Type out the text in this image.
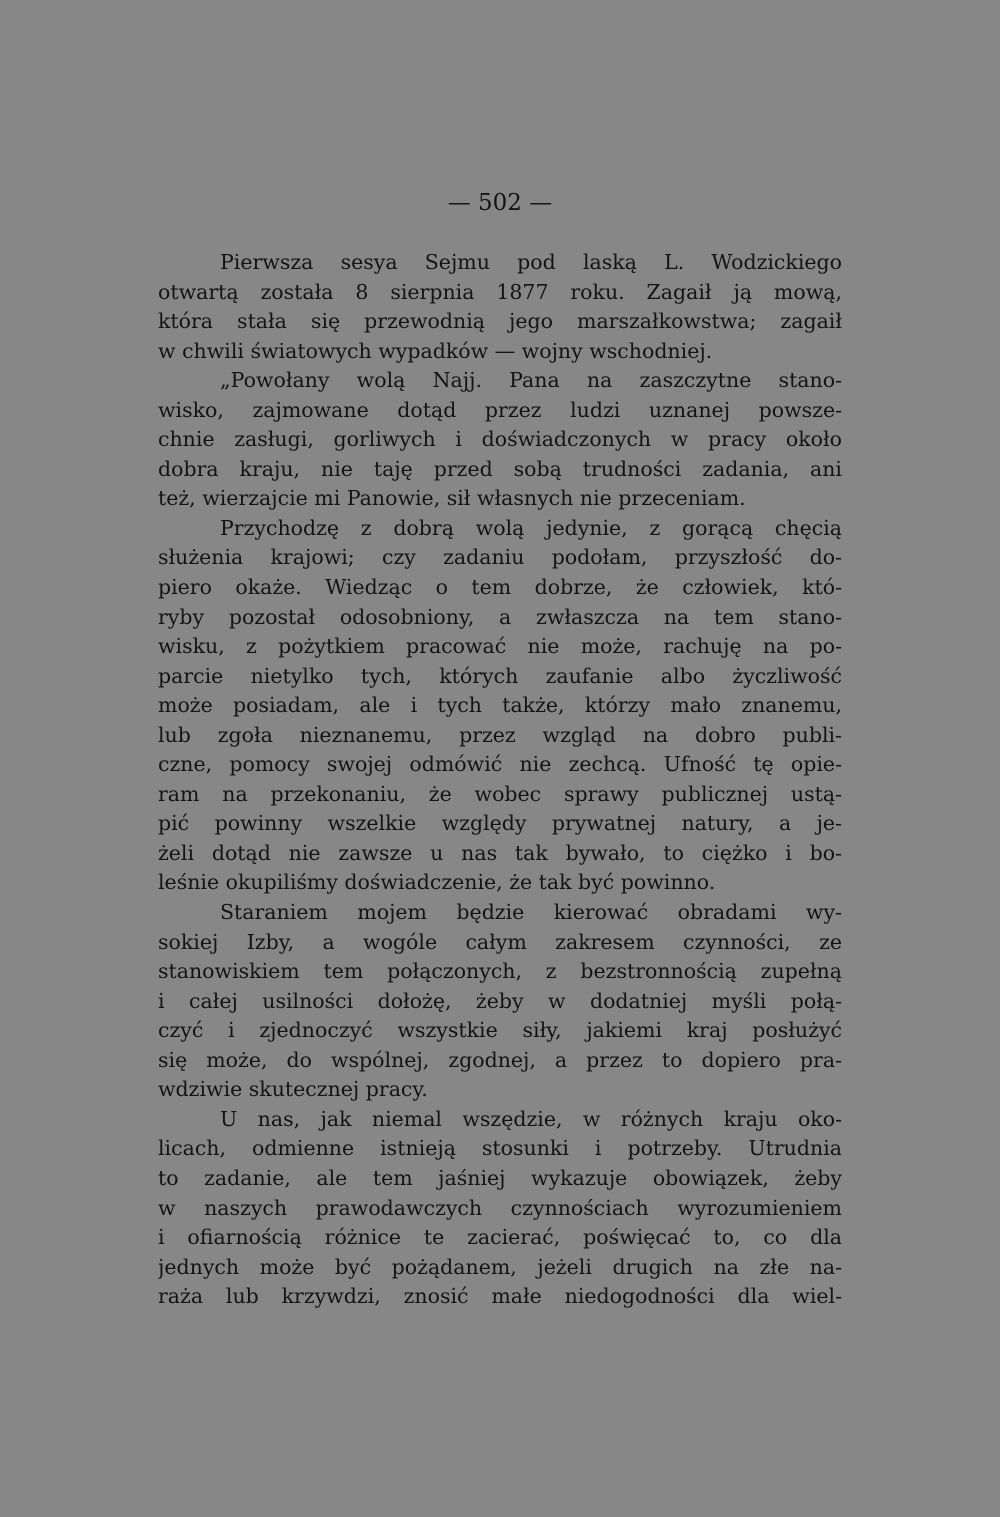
— 502 —
Pierwsza sesya Sejmu pod laską L. Wodzickiego
otwartą została 8 sierpnia 1877 roku. Zagaił ją mową,
która stała się przewodnią jego marszałkowstwa; zagaił
w chwili światowych wypadków — wojny wschodniej.
„Powołany wolą Najj. Pana na zaszczytne stano-
wisko, zajmowane dotąd przez ludzi uznanej powsze-
chnie zasługi, gorliwych i doświadczonych w pracy około
dobra kraju, nie taję przed sobą trudności zadania, ani
też, wierzajcie mi Panowie, sił własnych nie przeceniam.
Przychodzę z dobrą wolą jedynie, z gorącą chęcią
służenia krajowi; czy zadaniu podołam, przyszłość do-
piero okaże. Wiedząc o tem dobrze, że człowiek, któ-
ryby pozostał odosobniony, a zwłaszcza na tem stano-
wisku, z pożytkiem pracować nie może, rachuję na po-
parcie nietylko tych, których zaufanie albo życzliwość
może posiadam, ale i tych także, którzy mało znanemu,
lub zgoła nieznanemu, przez wzgląd na dobro publi-
czne, pomocy swojej odmówić nie zechcą. Ufność tę opie-
ram na przekonaniu, że wobec sprawy publicznej ustą-
pić powinny wszelkie względy prywatnej natury, a je-
żeli dotąd nie zawsze u nas tak bywało, to ciężko i bo-
leśnie okupiliśmy doświadczenie, że tak być powinno.
Staraniem mojem będzie kierować obradami wy-
sokiej Izby, a wogóle całym zakresem czynności, ze
stanowiskiem tem połączonych, z bezstronnością zupełną
i całej usilności dołożę, żeby w dodatniej myśli połą-
czyć i zjednoczyć wszystkie siły, jakiemi kraj posłużyć
się może, do wspólnej, zgodnej, a przez to dopiero pra-
wdziwie skutecznej pracy.
U nas, jak niemal wszędzie, w różnych kraju oko-
licach, odmienne istnieją stosunki i potrzeby. Utrudnia
to zadanie, ale tem jaśniej wykazuje obowiązek, żeby
w naszych prawodawczych czynnościach wyrozumieniem
i ofiarnością różnice te zacierać, poświęcać to, co dla
jednych może być pożądanem, jeżeli drugich na złe na-
raża lub krzywdzi, znosić małe niedogodności dla wiel-
